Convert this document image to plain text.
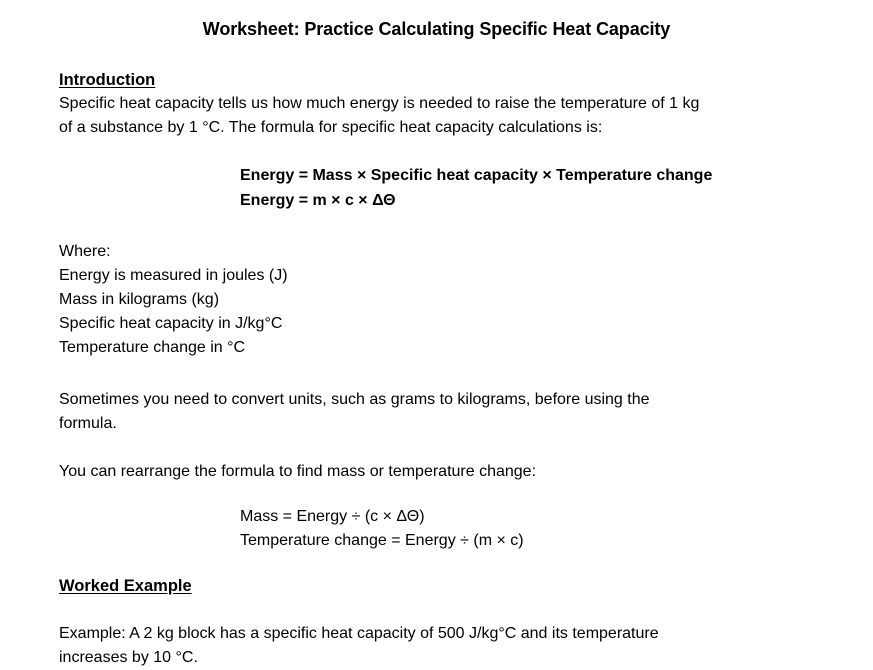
Worksheet: Practice Calculating Specific Heat Capacity
Introduction
Specific heat capacity tells us how much energy is needed to raise the temperature of 1 kg
of a substance by 1 °C. The formula for specific heat capacity calculations is:
Energy = Mass × Specific heat capacity × Temperature change
Energy = m × c × ΔΘ
Where:
Energy is measured in joules (J)
Mass in kilograms (kg)
Specific heat capacity in J/kg°C
Temperature change in °C
Sometimes you need to convert units, such as grams to kilograms, before using the
formula.
You can rearrange the formula to find mass or temperature change:
Mass = Energy ÷ (c × ΔΘ)
Temperature change = Energy ÷ (m × c)
Worked Example
Example: A 2 kg block has a specific heat capacity of 500 J/kg°C and its temperature
increases by 10 °C.
